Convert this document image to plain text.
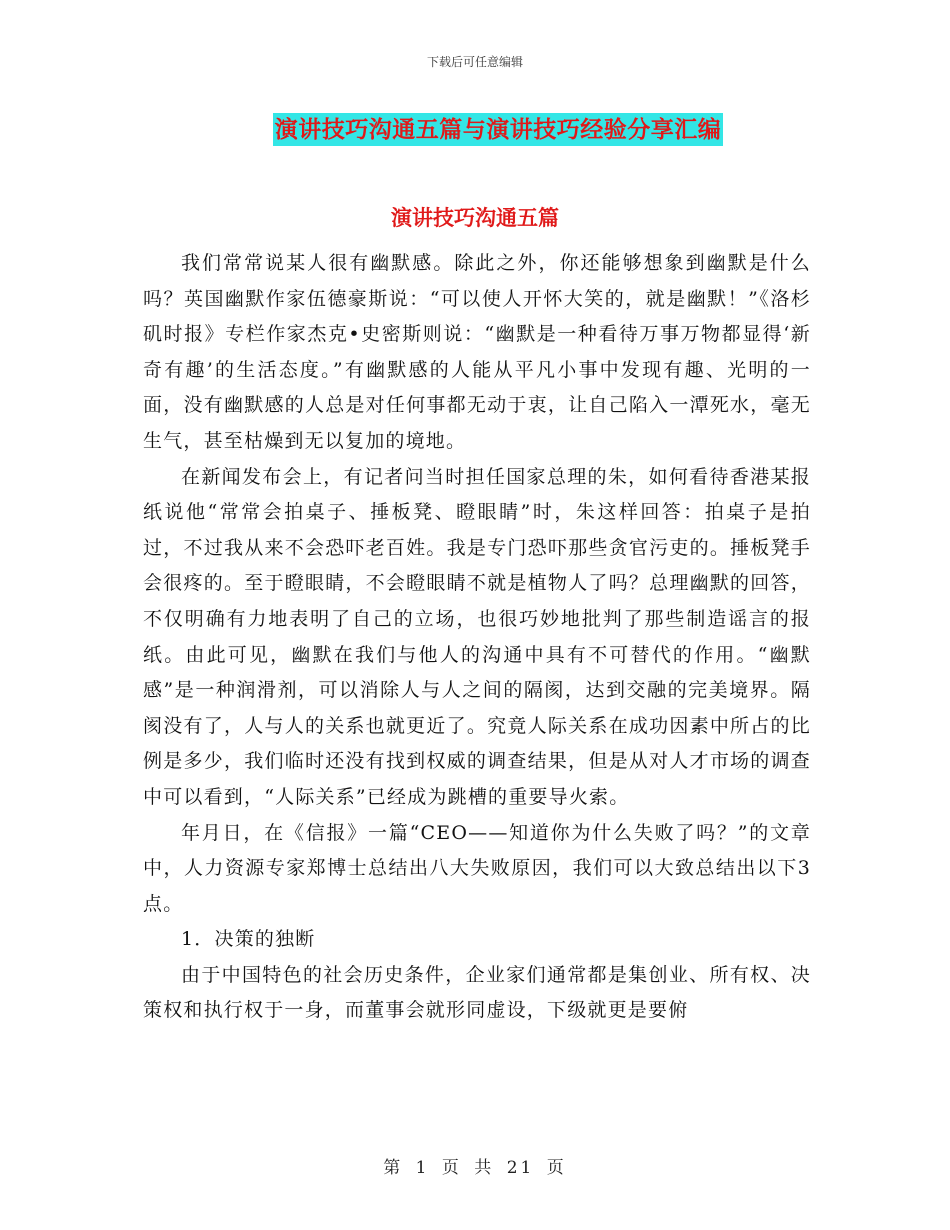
下载后可任意编辑
演讲技巧沟通五篇与演讲技巧经验分享汇编
演讲技巧沟通五篇

我们常常说某人很有幽默感。除此之外，你还能够想象到幽默是什么吗？英国幽默作家伍德豪斯说：“可以使人开怀大笑的，就是幽默！”《洛杉矶时报》专栏作家杰克•史密斯则说：“幽默是一种看待万事万物都显得‘新奇有趣’的生活态度。”有幽默感的人能从平凡小事中发现有趣、光明的一面，没有幽默感的人总是对任何事都无动于衷，让自己陷入一潭死水，毫无生气，甚至枯燥到无以复加的境地。

在新闻发布会上，有记者问当时担任国家总理的朱，如何看待香港某报纸说他“常常会拍桌子、捶板凳、瞪眼睛”时，朱这样回答：拍桌子是拍过，不过我从来不会恐吓老百姓。我是专门恐吓那些贪官污吏的。捶板凳手会很疼的。至于瞪眼睛，不会瞪眼睛不就是植物人了吗？总理幽默的回答，不仅明确有力地表明了自己的立场，也很巧妙地批判了那些制造谣言的报纸。由此可见，幽默在我们与他人的沟通中具有不可替代的作用。“幽默感”是一种润滑剂，可以消除人与人之间的隔阂，达到交融的完美境界。隔阂没有了，人与人的关系也就更近了。究竟人际关系在成功因素中所占的比例是多少，我们临时还没有找到权威的调查结果，但是从对人才市场的调查中可以看到，“人际关系”已经成为跳槽的重要导火索。

年月日，在《信报》一篇“CEO——知道你为什么失败了吗？”的文章中，人力资源专家郑博士总结出八大失败原因，我们可以大致总结出以下3点。

1．决策的独断

由于中国特色的社会历史条件，企业家们通常都是集创业、所有权、决策权和执行权于一身，而董事会就形同虚设，下级就更是要俯

第 1 页 共 21 页
